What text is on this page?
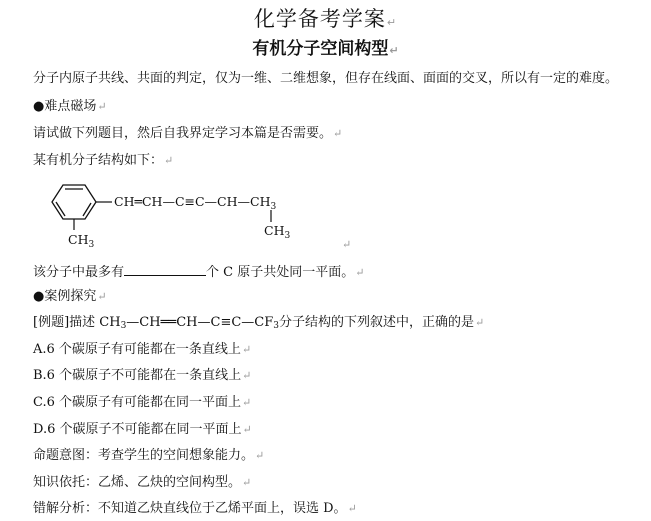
化学备考学案↵
有机分子空间构型↵
分子内原子共线、共面的判定，仅为一维、二维想象，但存在线面、面面的交叉，所以有一定的难度。
●难点磁场↵
请试做下列题目，然后自我界定学习本篇是否需要。↵
某有机分子结构如下：↵
$CH_3$
$CH═CH—C\equiv C—CH—CH_3$
$CH_3$
↵
该分子中最多有	个 C 原子共处同一平面。↵
●案例探究↵
[例题]描述 $CH_3—CH══CH—C\equiv C—CF_3$分子结构的下列叙述中，正确的是↵
A.6 个碳原子有可能都在一条直线上↵
B.6 个碳原子不可能都在一条直线上↵
C.6 个碳原子有可能都在同一平面上↵
D.6 个碳原子不可能都在同一平面上↵
命题意图：考查学生的空间想象能力。↵
知识依托：乙烯、乙炔的空间构型。↵
错解分析：不知道乙炔直线位于乙烯平面上，误选 D。↵
